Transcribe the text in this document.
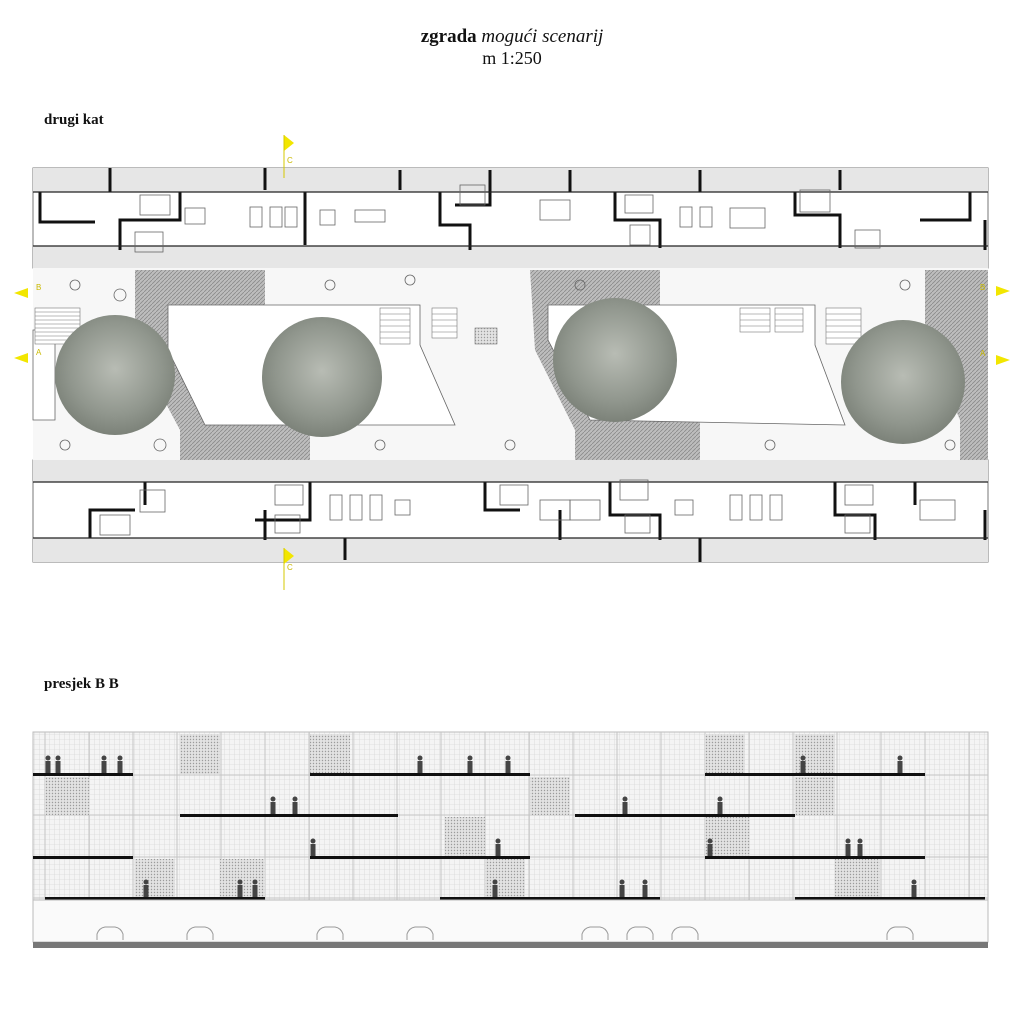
zgrada mogući scenarij
m 1:250
drugi kat
presjek B B
C
C
B
A
B
A
